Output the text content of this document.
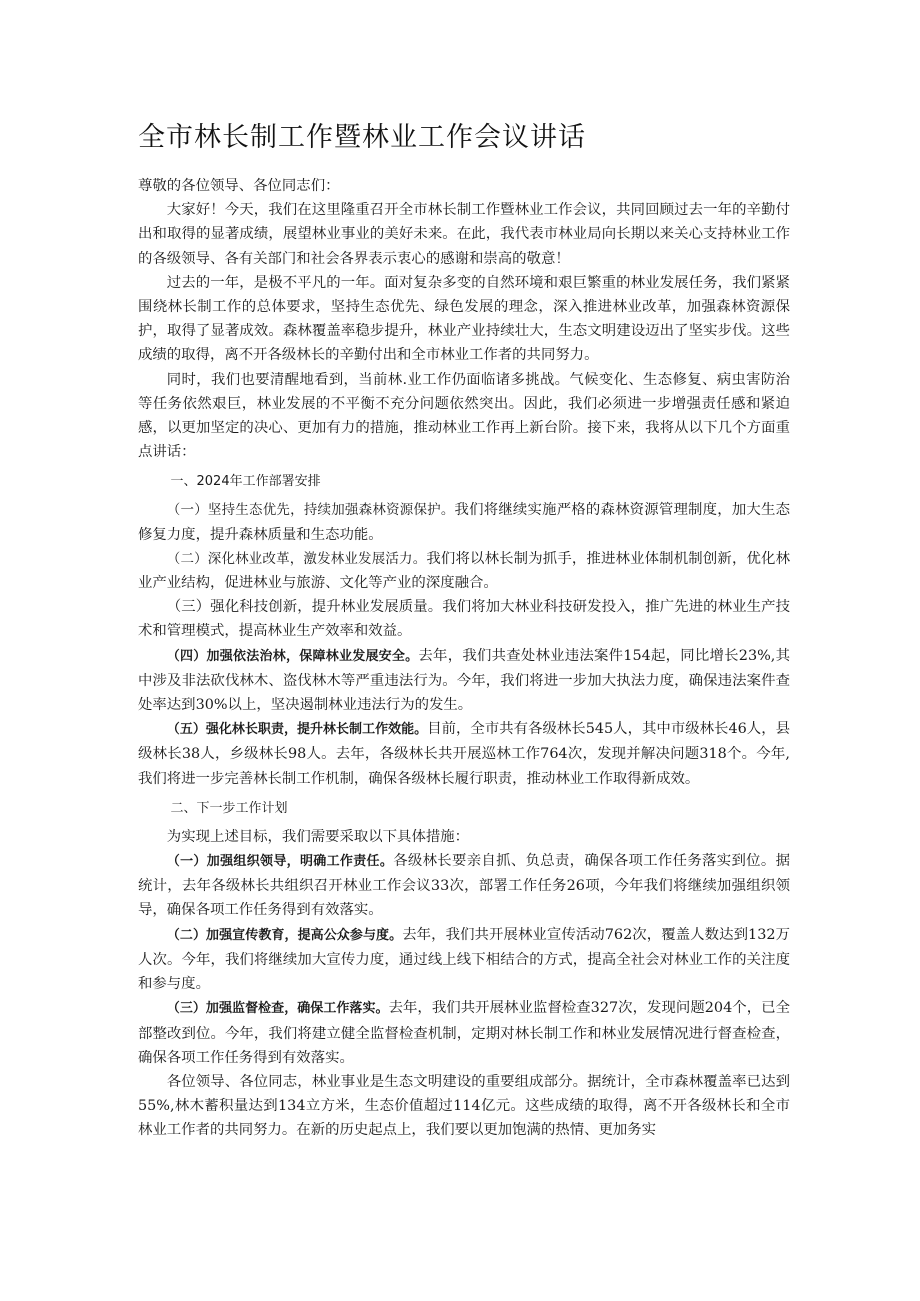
全市林长制工作暨林业工作会议讲话

尊敬的各位领导、各位同志们：

大家好！今天，我们在这里隆重召开全市林长制工作暨林业工作会议，共同回顾过去一年的辛勤付出和取得的显著成绩，展望林业事业的美好未来。在此，我代表市林业局向长期以来关心支持林业工作的各级领导、各有关部门和社会各界表示衷心的感谢和崇高的敬意！

过去的一年，是极不平凡的一年。面对复杂多变的自然环境和艰巨繁重的林业发展任务，我们紧紧围绕林长制工作的总体要求，坚持生态优先、绿色发展的理念，深入推进林业改革，加强森林资源保护，取得了显著成效。森林覆盖率稳步提升，林业产业持续壮大，生态文明建设迈出了坚实步伐。这些成绩的取得，离不开各级林长的辛勤付出和全市林业工作者的共同努力。

同时，我们也要清醒地看到，当前林.业工作仍面临诸多挑战。气候变化、生态修复、病虫害防治等任务依然艰巨，林业发展的不平衡不充分问题依然突出。因此，我们必须进一步增强责任感和紧迫感，以更加坚定的决心、更加有力的措施，推动林业工作再上新台阶。接下来，我将从以下几个方面重点讲话：

一、2024年工作部署安排

（一）坚持生态优先，持续加强森林资源保护。我们将继续实施严格的森林资源管理制度，加大生态修复力度，提升森林质量和生态功能。

（二）深化林业改革，激发林业发展活力。我们将以林长制为抓手，推进林业体制机制创新，优化林业产业结构，促进林业与旅游、文化等产业的深度融合。

（三）强化科技创新，提升林业发展质量。我们将加大林业科技研发投入，推广先进的林业生产技术和管理模式，提高林业生产效率和效益。

（四）加强依法治林，保障林业发展安全。去年，我们共查处林业违法案件154起，同比增长23%,其中涉及非法砍伐林木、盗伐林木等严重违法行为。今年，我们将进一步加大执法力度，确保违法案件查处率达到30%以上，坚决遏制林业违法行为的发生。

（五）强化林长职责，提升林长制工作效能。目前，全市共有各级林长545人，其中市级林长46人，县级林长38人，乡级林长98人。去年，各级林长共开展巡林工作764次，发现并解决问题318个。今年,我们将进一步完善林长制工作机制，确保各级林长履行职责，推动林业工作取得新成效。

二、下一步工作计划

为实现上述目标，我们需要采取以下具体措施：

（一）加强组织领导，明确工作责任。各级林长要亲自抓、负总责，确保各项工作任务落实到位。据统计，去年各级林长共组织召开林业工作会议33次，部署工作任务26项，今年我们将继续加强组织领导，确保各项工作任务得到有效落实。

（二）加强宣传教育，提高公众参与度。去年，我们共开展林业宣传活动762次，覆盖人数达到132万人次。今年，我们将继续加大宣传力度，通过线上线下相结合的方式，提高全社会对林业工作的关注度和参与度。

（三）加强监督检查，确保工作落实。去年，我们共开展林业监督检查327次，发现问题204个，已全部整改到位。今年，我们将建立健全监督检查机制，定期对林长制工作和林业发展情况进行督查检查，确保各项工作任务得到有效落实。

各位领导、各位同志，林业事业是生态文明建设的重要组成部分。据统计，全市森林覆盖率已达到55%,林木蓄积量达到134立方米，生态价值超过114亿元。这些成绩的取得，离不开各级林长和全市林业工作者的共同努力。在新的历史起点上，我们要以更加饱满的热情、更加务实
